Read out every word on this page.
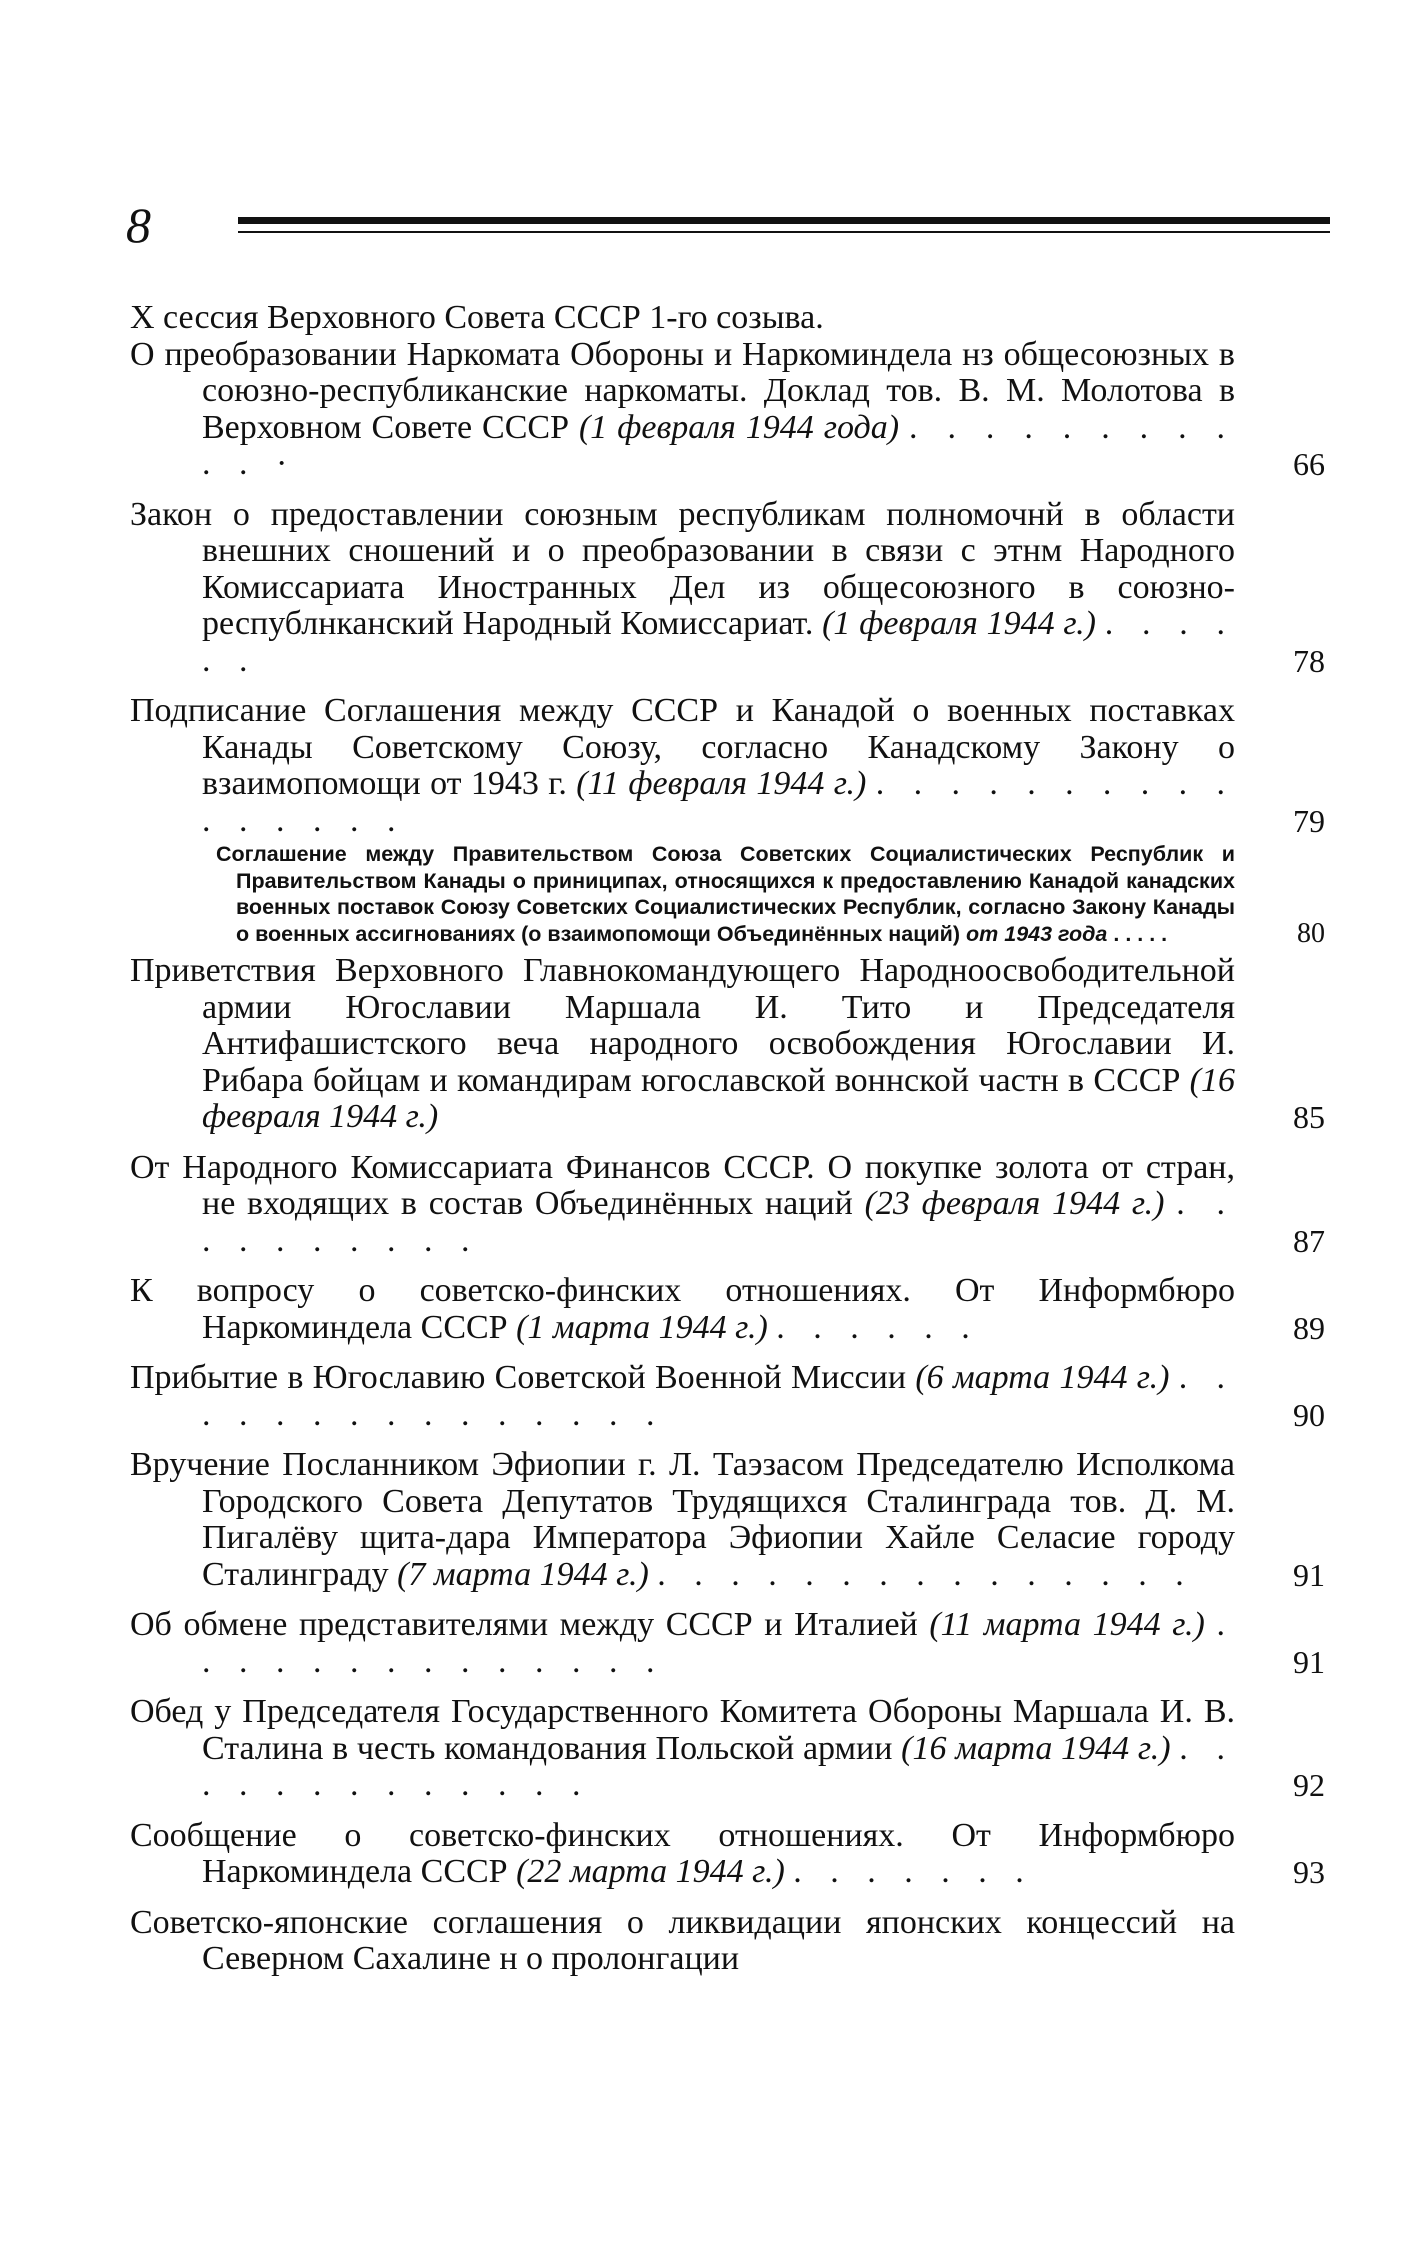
8
Х сессия Верховного Совета СССР 1-го созыва.
О преобразовании Наркомата Обороны и Наркоминдела нз общесоюзных в союзно-республиканские наркоматы. Доклад тов. В. М. Молотова в Верховном Совете СССР (1 февраля 1944 года) . . . . . . . . . . . ·	66
Закон о предоставлении союзным республикам полномочнй в области внешних сношений и о преобразовании в связи с этнм Народного Комиссариата Иностранных Дел из общесоюзного в союзно-республнканский Народный Комиссариат. (1 февраля 1944 г.) . . . . . .	78
Подписание Соглашения между СССР и Канадой о военных поставках Канады Советскому Союзу, согласно Канадскому Закону о взаимопомощи от 1943 г. (11 февраля 1944 г.) . . . . . . . . . . . . . . . .	79
Соглашение между Правительством Союза Советских Социалистических Республик и Правительством Канады о приниципах, относящихся к предоставлению Канадой канадских военных поставок Союзу Советских Социалистических Республик, согласно Закону Канады о военных ассигнованиях (о взаимопомощи Объединённых наций) от 1943 года . . . . .	80
Приветствия Верховного Главнокомандующего Народноосвободительной армии Югославии Маршала И. Тито и Председателя Антифашистского веча народного освобождения Югославии И. Рибара бойцам и командирам югославской воннской частн в СССР (16 февраля 1944 г.)	85
От Народного Комиссариата Финансов СССР. О покупке золота от стран, не входящих в состав Объединённых наций (23 февраля 1944 г.) . . . . . . . . . .	87
К вопросу о советско-финских отношениях. От Информбюро Наркоминдела СССР (1 марта 1944 г.) . . . . . .	89
Прибытие в Югославию Советской Военной Миссии (6 марта 1944 г.) . . . . . . . . . . . . . . .	90
Вручение Посланником Эфиопии г. Л. Таэзасом Председателю Исполкома Городского Совета Депутатов Трудящихся Сталинграда тов. Д. М. Пигалёву щита-дара Императора Эфиопии Хайле Селасие городу Сталинграду (7 марта 1944 г.) . . . . . . . . . . . . . . .	91
Об обмене представителями между СССР и Италией (11 марта 1944 г.) . . . . . . . . . . . . . .	91
Обед у Председателя Государственного Комитета Обороны Маршала И. В. Сталина в честь командования Польской армии (16 марта 1944 г.) . . . . . . . . . . . . .	92
Сообщение о советско-финских отношениях. От Информбюро Наркоминдела СССР (22 марта 1944 г.) . . . . . . .	93
Советско-японские соглашения о ликвидации японских концессий на Северном Сахалине н о пролонгации
